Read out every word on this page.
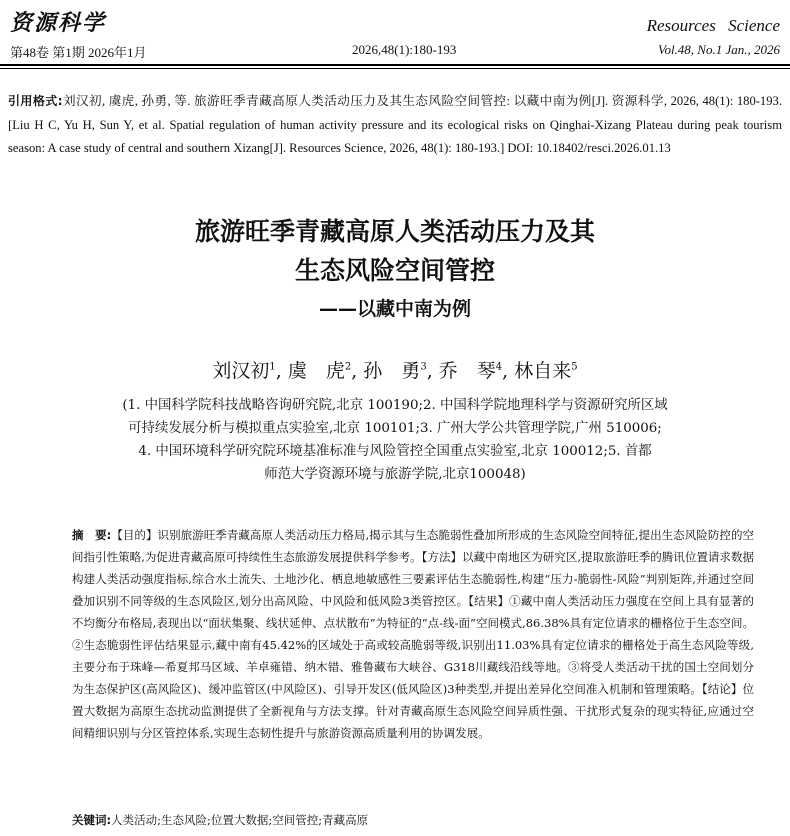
资源科学	Resources Science
第48卷 第1期 2026年1月	2026,48(1):180-193	Vol.48, No.1 Jan., 2026
引用格式:刘汉初, 虞虎, 孙勇, 等. 旅游旺季青藏高原人类活动压力及其生态风险空间管控: 以藏中南为例[J]. 资源科学, 2026, 48(1): 180-193. [Liu H C, Yu H, Sun Y, et al. Spatial regulation of human activity pressure and its ecological risks on Qinghai-Xizang Plateau during peak tourism season: A case study of central and southern Xizang[J]. Resources Science, 2026, 48(1): 180-193.] DOI: 10.18402/resci.2026.01.13
旅游旺季青藏高原人类活动压力及其
生态风险空间管控
——以藏中南为例
刘汉初$^1$, 虞　虎$^2$, 孙　勇$^3$, 乔　琴$^4$, 林自来$^5$
(1. 中国科学院科技战略咨询研究院,北京 100190;2. 中国科学院地理科学与资源研究所区域
可持续发展分析与模拟重点实验室,北京 100101;3. 广州大学公共管理学院,广州 510006;
4. 中国环境科学研究院环境基准标准与风险管控全国重点实验室,北京 100012;5. 首都
师范大学资源环境与旅游学院,北京100048)
摘　要:【目的】识别旅游旺季青藏高原人类活动压力格局,揭示其与生态脆弱性叠加所形成的生态风险空间特征,提出生态风险防控的空间指引性策略,为促进青藏高原可持续性生态旅游发展提供科学参考。【方法】以藏中南地区为研究区,提取旅游旺季的腾讯位置请求数据构建人类活动强度指标,综合水土流失、土地沙化、栖息地敏感性三要素评估生态脆弱性,构建“压力-脆弱性-风险”判别矩阵,并通过空间叠加识别不同等级的生态风险区,划分出高风险、中风险和低风险3类管控区。【结果】①藏中南人类活动压力强度在空间上具有显著的不均衡分布格局,表现出以“面状集聚、线状延伸、点状散布”为特征的“点-线-面”空间模式,86.38%具有定位请求的栅格位于生态空间。②生态脆弱性评估结果显示,藏中南有45.42%的区域处于高或较高脆弱等级,识别出11.03%具有定位请求的栅格处于高生态风险等级,主要分布于珠峰—希夏邦马区域、羊卓雍错、纳木错、雅鲁藏布大峡谷、G318川藏线沿线等地。③将受人类活动干扰的国土空间划分为生态保护区(高风险区)、缓冲监管区(中风险区)、引导开发区(低风险区)3种类型,并提出差异化空间准入机制和管理策略。【结论】位置大数据为高原生态扰动监测提供了全新视角与方法支撑。针对青藏高原生态风险空间异质性强、干扰形式复杂的现实特征,应通过空间精细识别与分区管控体系,实现生态韧性提升与旅游资源高质量利用的协调发展。
关键词:人类活动;生态风险;位置大数据;空间管控;青藏高原
